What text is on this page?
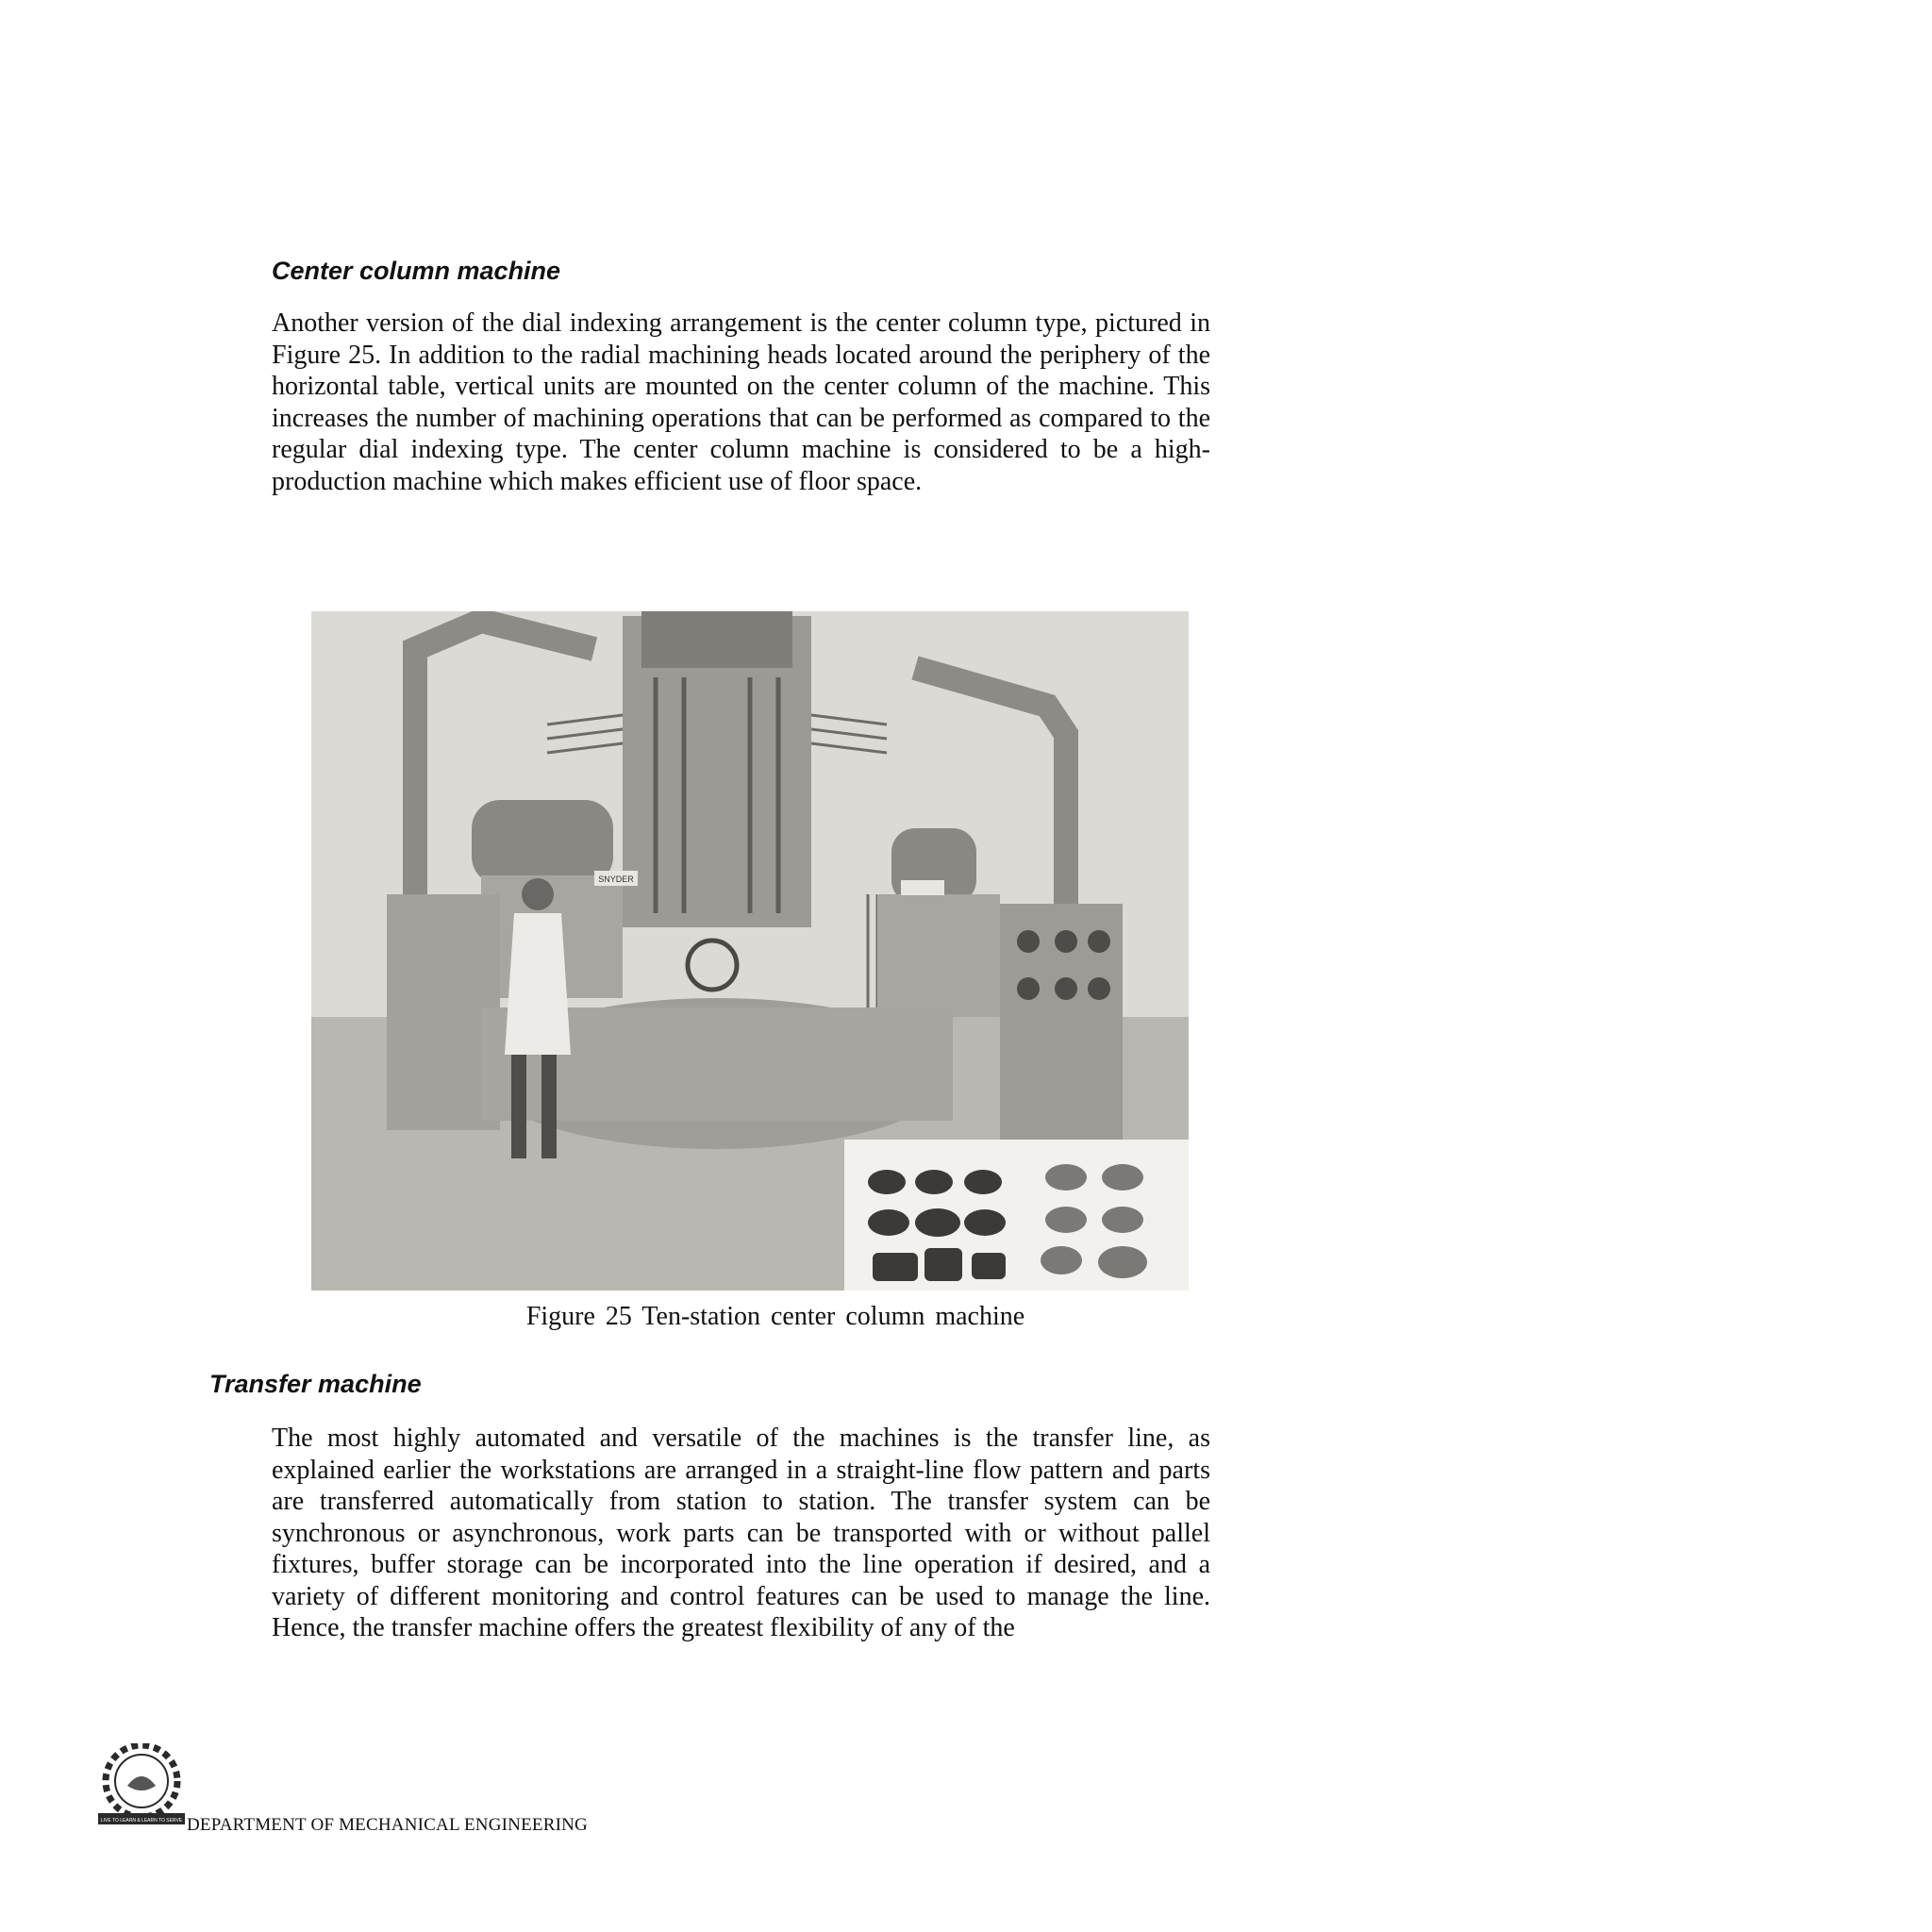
Center column machine

Another version of the dial indexing arrangement is the center column type, pictured in Figure 25. In addition to the radial machining heads located around the periphery of the horizontal table, vertical units are mounted on the center column of the machine. This increases the number of machining operations that can be performed as compared to the regular dial indexing type. The center column machine is considered to be a high-production machine which makes efficient use of floor space.

SNYDER
Figure 25 Ten-station center column machine
Transfer machine

The most highly automated and versatile of the machines is the transfer line, as explained earlier the workstations are arranged in a straight-line flow pattern and parts are transferred automatically from station to station. The transfer system can be synchronous or asynchronous, work parts can be transported with or without pallel fixtures, buffer storage can be incorporated into the line operation if desired, and a variety of different monitoring and control features can be used to manage the line. Hence, the transfer machine offers the greatest flexibility of any of the

LIVE TO LEARN & LEARN TO SERVE DEPARTMENT OF MECHANICAL ENGINEERING
